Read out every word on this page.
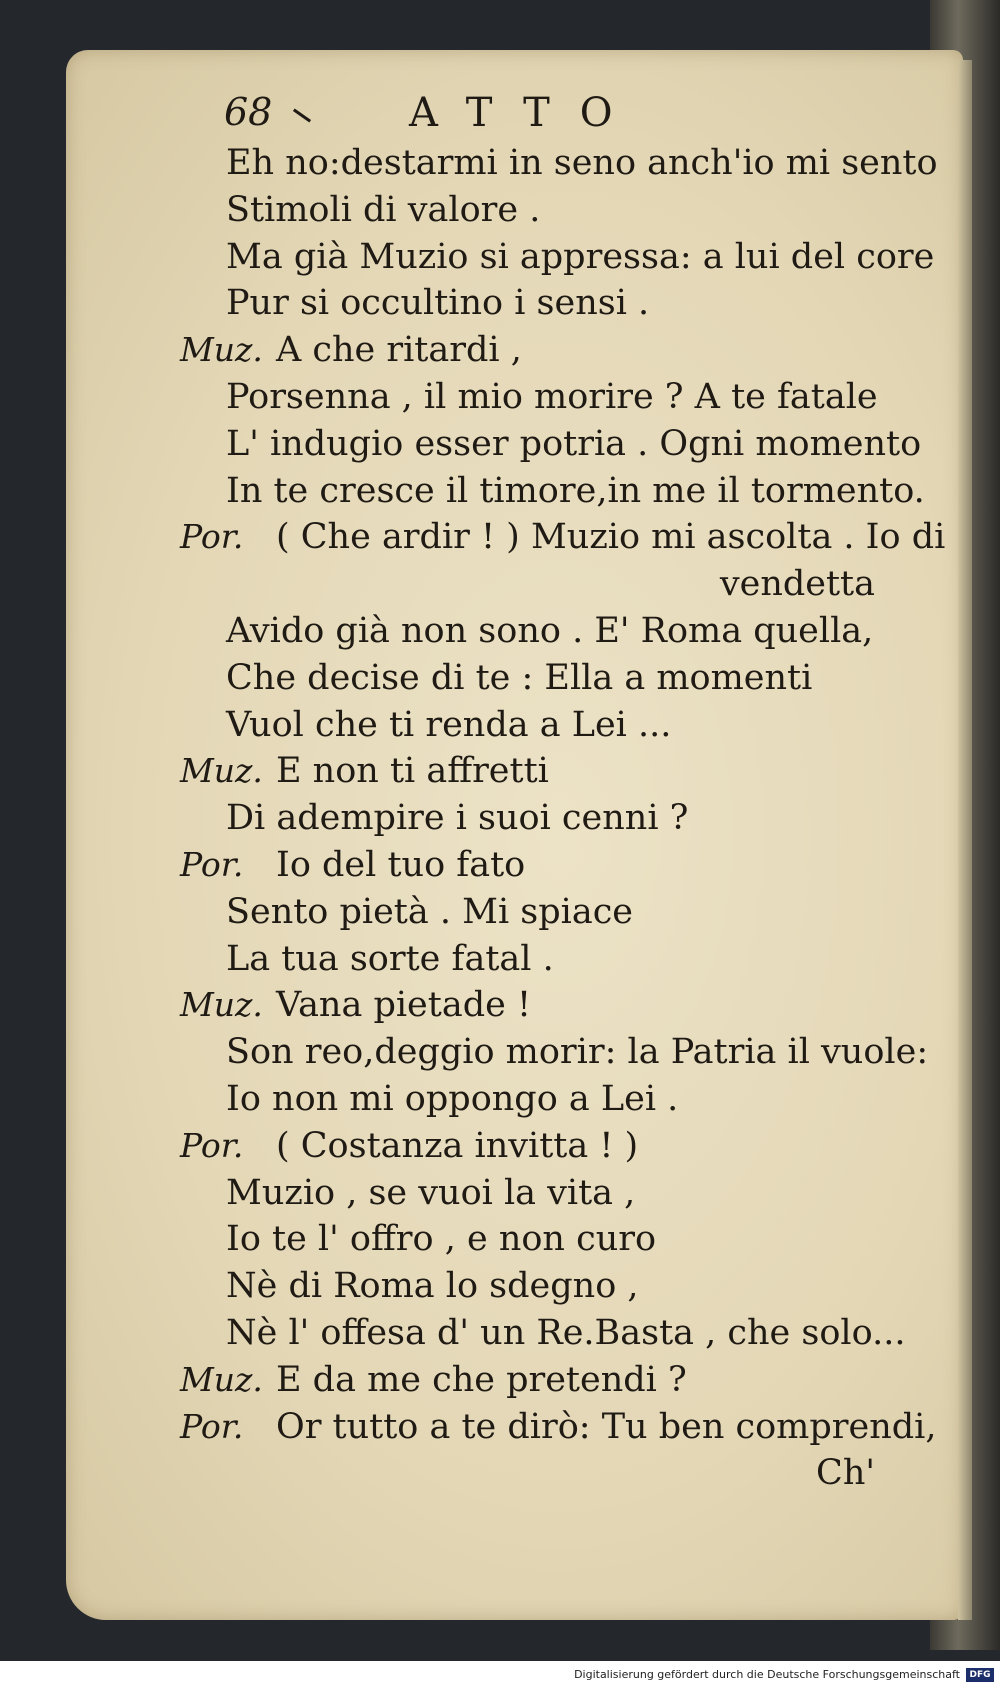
68	ATTO
Eh no:destarmi in seno anch'io mi sento
Stimoli di valore .
Ma già Muzio si appressa: a lui del core
Pur si occultino i sensi .
Muz. A che ritardi ,
Porsenna , il mio morire ? A te fatale
L' indugio esser potria . Ogni momento
In te cresce il timore,in me il tormento.
Por. ( Che ardir ! ) Muzio mi ascolta . Io di
vendetta
Avido già non sono . E' Roma quella,
Che decise di te : Ella a momenti
Vuol che ti renda a Lei ...
Muz. E non ti affretti
Di adempire i suoi cenni ?
Por. Io del tuo fato
Sento pietà . Mi spiace
La tua sorte fatal .
Muz. Vana pietade !
Son reo,deggio morir: la Patria il vuole:
Io non mi oppongo a Lei .
Por. ( Costanza invitta ! )
Muzio , se vuoi la vita ,
Io te l' offro , e non curo
Nè di Roma lo sdegno ,
Nè l' offesa d' un Re.Basta , che solo...
Muz. E da me che pretendi ?
Por. Or tutto a te dirò: Tu ben comprendi,
Ch'
Digitalisierung gefördert durch die Deutsche Forschungsgemeinschaft	DFG
